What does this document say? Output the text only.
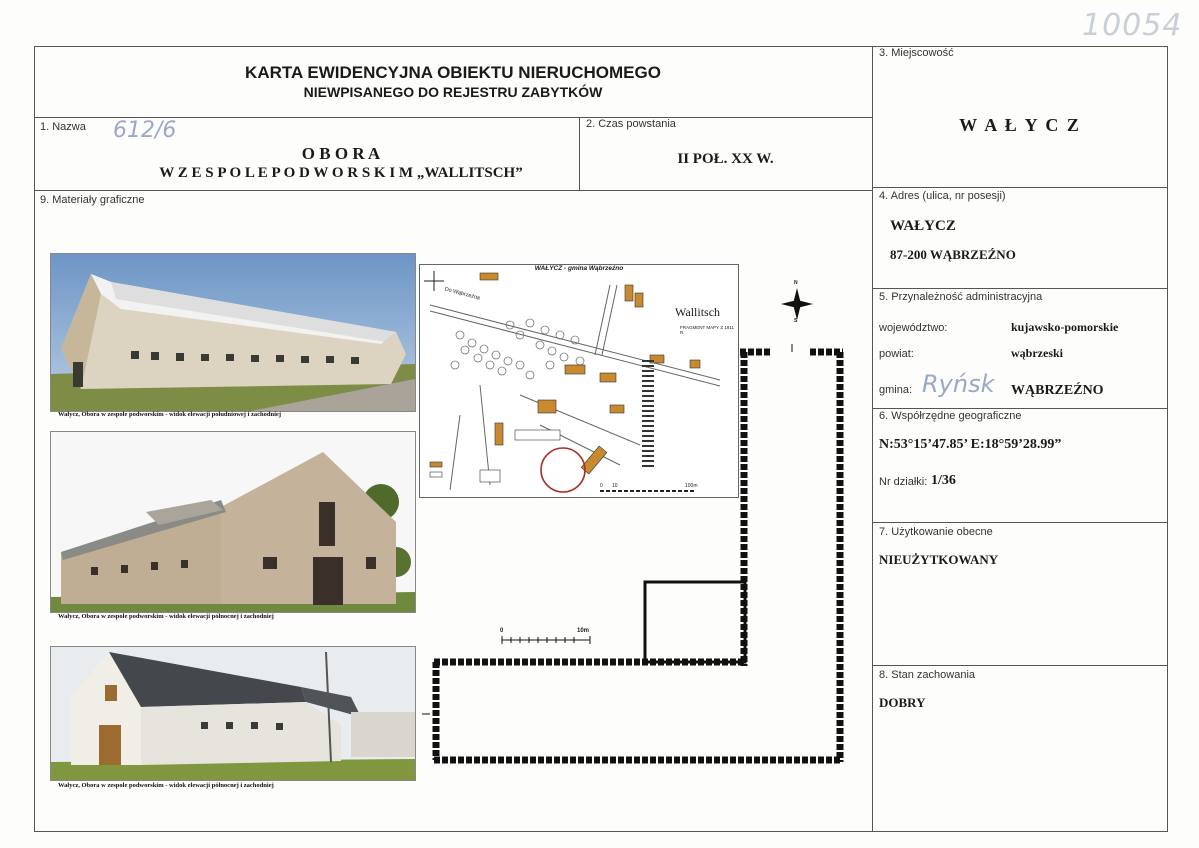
10054
KARTA EWIDENCYJNA OBIEKTU NIERUCHOMEGO
NIEWPISANEGO DO REJESTRU ZABYTKÓW
1. Nazwa 612/6
O B O R A
W Z E S P O L E P O D W O R S K I M „WALLITSCH”
2. Czas powstania
II POŁ. XX W.
3. Miejscowość
W A Ł Y C Z
4. Adres (ulica, nr posesji)
WAŁYCZ
87-200 WĄBRZEŹNO
5. Przynależność administracyjna
województwo:	kujawsko-pomorskie
powiat:	wąbrzeski
gmina: Ryńsk WĄBRZEŹNO
6. Współrzędne geograficzne
N:53°15’47.85’ E:18°59’28.99”
Nr działki: 1/36
7. Użytkowanie obecne
NIEUŻYTKOWANY
8. Stan zachowania
DOBRY
9. Materiały graficzne
Wałycz, Obora w zespole podworskim - widok elewacji południowej i zachodniej
Wałycz, Obora w zespole podworskim - widok elewacji północnej i zachodniej
Wałycz, Obora w zespole podworskim - widok elewacji północnej i zachodniej
WAŁYCZ - gmina Wąbrzeźno
Do Wąbrzeźna
Wallitsch
FRAGMENT MAPY Z 1911 R.
0 10	100m
N
S
0	10m
